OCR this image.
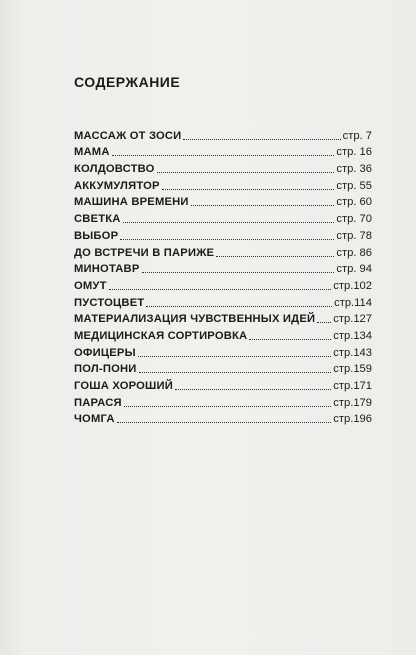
СОДЕРЖАНИЕ
МАССАЖ ОТ ЗОСИ	стр. 7
МАМА	стр. 16
КОЛДОВСТВО	стр. 36
АККУМУЛЯТОР	стр. 55
МАШИНА ВРЕМЕНИ	стр. 60
СВЕТКА	стр. 70
ВЫБОР	стр. 78
ДО ВСТРЕЧИ В ПАРИЖЕ	стр. 86
МИНОТАВР	стр. 94
ОМУТ	стр.102
ПУСТОЦВЕТ	стр.114
МАТЕРИАЛИЗАЦИЯ ЧУВСТВЕННЫХ ИДЕЙ стр.127
МЕДИЦИНСКАЯ СОРТИРОВКА	стр.134
ОФИЦЕРЫ	стр.143
ПОЛ-ПОНИ	стр.159
ГОША ХОРОШИЙ	стр.171
ПАРАСЯ	стр.179
ЧОМГА	стр.196
